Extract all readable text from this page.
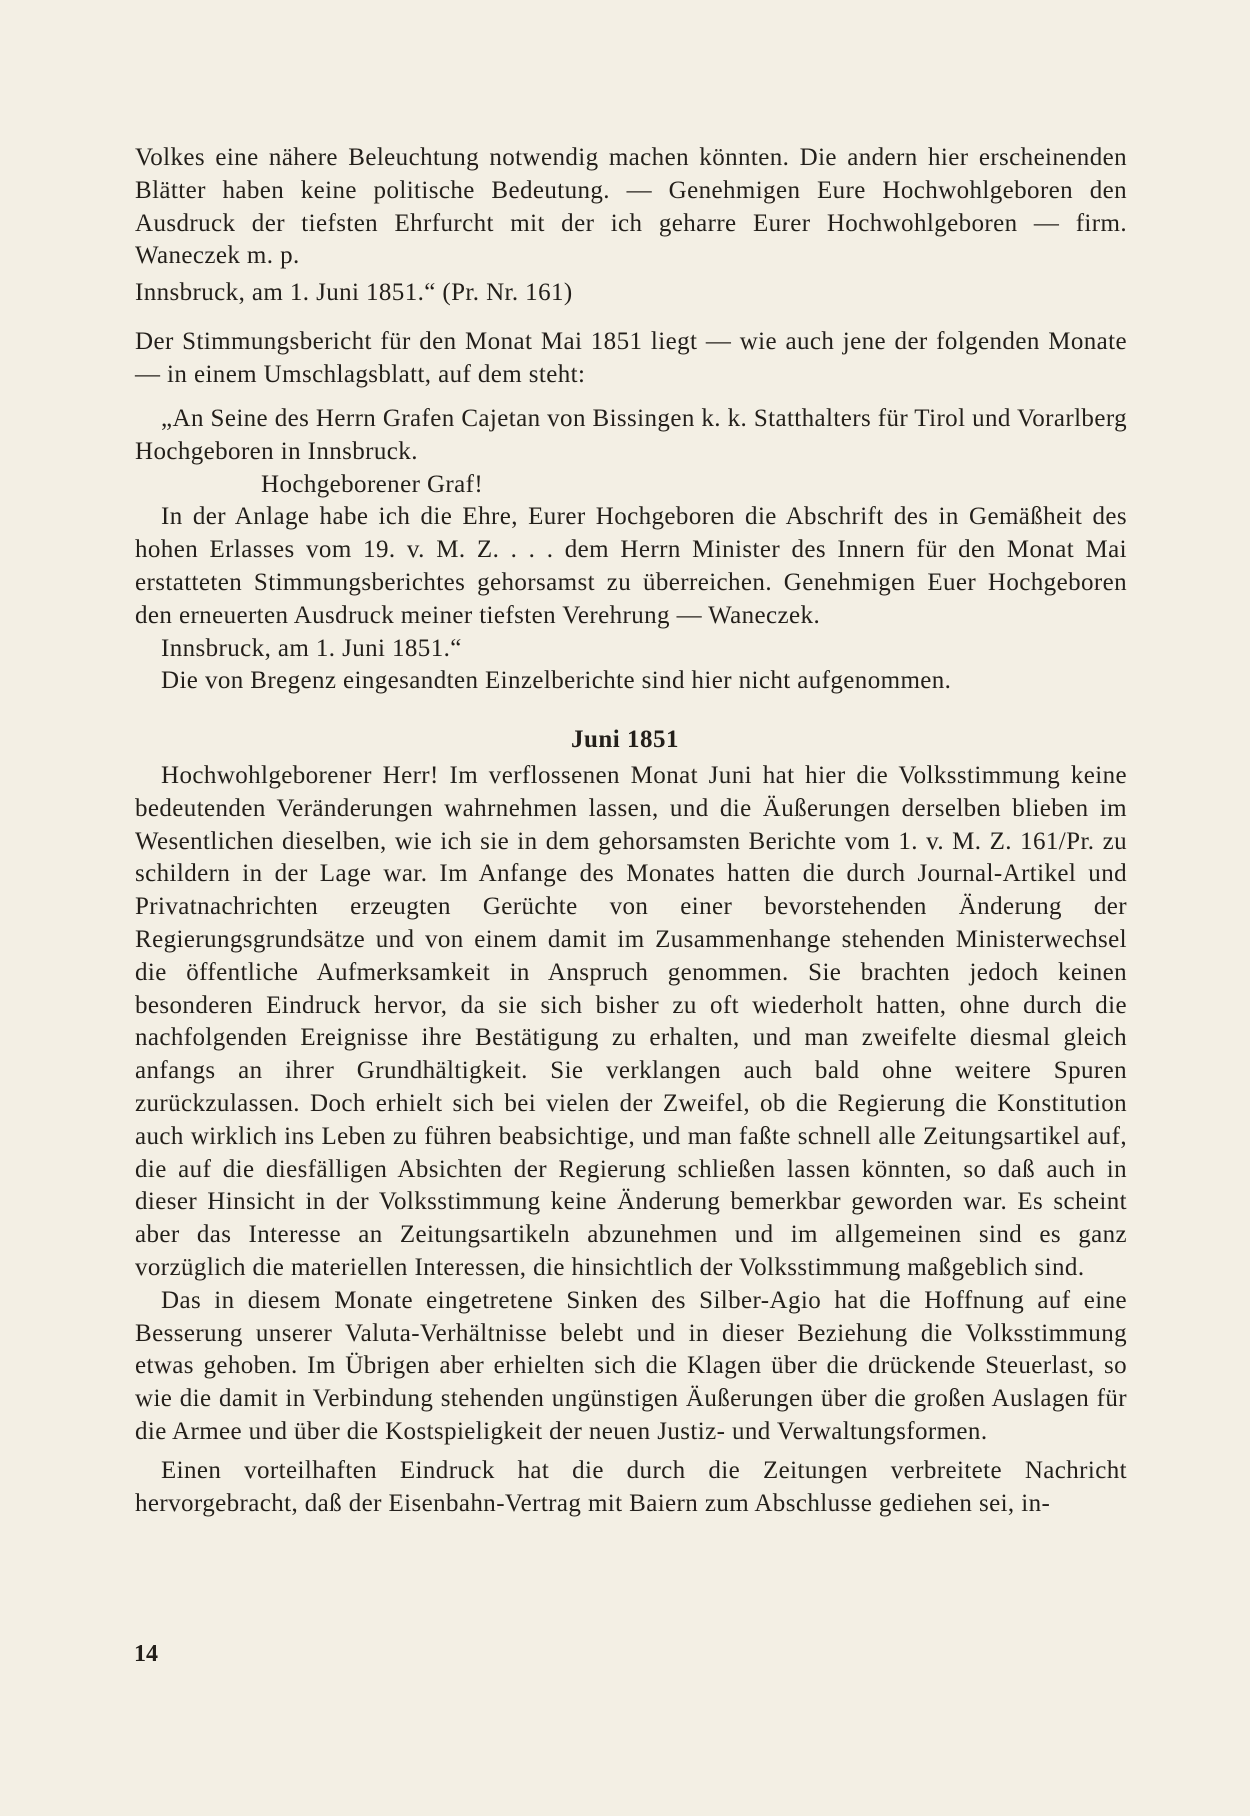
Volkes eine nähere Beleuchtung notwendig machen könnten. Die andern hier erscheinenden Blätter haben keine politische Bedeutung. — Genehmigen Eure Hochwohlgeboren den Ausdruck der tiefsten Ehrfurcht mit der ich geharre Eurer Hochwohlgeboren — firm. Waneczek m. p.

Innsbruck, am 1. Juni 1851.“ (Pr. Nr. 161)

Der Stimmungsbericht für den Monat Mai 1851 liegt — wie auch jene der folgenden Monate — in einem Umschlagsblatt, auf dem steht:

„An Seine des Herrn Grafen Cajetan von Bissingen k. k. Statthalters für Tirol und Vorarlberg Hochgeboren in Innsbruck.

Hochgeborener Graf!

In der Anlage habe ich die Ehre, Eurer Hochgeboren die Abschrift des in Gemäßheit des hohen Erlasses vom 19. v. M. Z. . . . dem Herrn Minister des Innern für den Monat Mai erstatteten Stimmungsberichtes gehorsamst zu überreichen. Genehmigen Euer Hochgeboren den erneuerten Ausdruck meiner tiefsten Verehrung — Waneczek.

Innsbruck, am 1. Juni 1851.“

Die von Bregenz eingesandten Einzelberichte sind hier nicht aufgenommen.

Juni 1851

Hochwohlgeborener Herr! Im verflossenen Monat Juni hat hier die Volksstimmung keine bedeutenden Veränderungen wahrnehmen lassen, und die Äußerungen derselben blieben im Wesentlichen dieselben, wie ich sie in dem gehorsamsten Berichte vom 1. v. M. Z. 161/Pr. zu schildern in der Lage war. Im Anfange des Monates hatten die durch Journal-Artikel und Privatnachrichten erzeugten Gerüchte von einer bevorstehenden Änderung der Regierungsgrundsätze und von einem damit im Zusammenhange stehenden Ministerwechsel die öffentliche Aufmerksamkeit in Anspruch genommen. Sie brachten jedoch keinen besonderen Eindruck hervor, da sie sich bisher zu oft wiederholt hatten, ohne durch die nachfolgenden Ereignisse ihre Bestätigung zu erhalten, und man zweifelte diesmal gleich anfangs an ihrer Grundhältigkeit. Sie verklangen auch bald ohne weitere Spuren zurückzulassen. Doch erhielt sich bei vielen der Zweifel, ob die Regierung die Konstitution auch wirklich ins Leben zu führen beabsichtige, und man faßte schnell alle Zeitungsartikel auf, die auf die diesfälligen Absichten der Regierung schließen lassen könnten, so daß auch in dieser Hinsicht in der Volksstimmung keine Änderung bemerkbar geworden war. Es scheint aber das Interesse an Zeitungsartikeln abzunehmen und im allgemeinen sind es ganz vorzüglich die materiellen Interessen, die hinsichtlich der Volksstimmung maßgeblich sind.

Das in diesem Monate eingetretene Sinken des Silber-Agio hat die Hoffnung auf eine Besserung unserer Valuta-Verhältnisse belebt und in dieser Beziehung die Volksstimmung etwas gehoben. Im Übrigen aber erhielten sich die Klagen über die drückende Steuerlast, so wie die damit in Verbindung stehenden ungünstigen Äußerungen über die großen Auslagen für die Armee und über die Kostspieligkeit der neuen Justiz- und Verwaltungsformen.

Einen vorteilhaften Eindruck hat die durch die Zeitungen verbreitete Nachricht hervorgebracht, daß der Eisenbahn-Vertrag mit Baiern zum Abschlusse gediehen sei, in-

14
